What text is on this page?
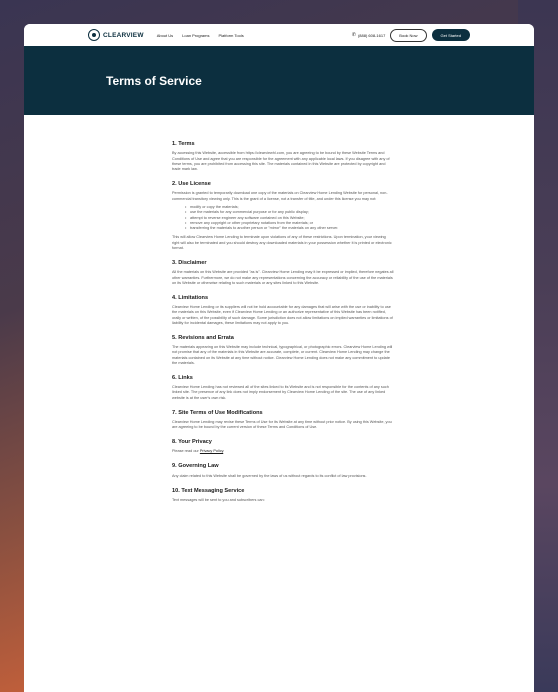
CLEARVIEW	About Us Loan Programs Platform Tools	✆ (888) 608-1617	Book Now	Get Started
Terms of Service
1. Terms

By accessing this Website, accessible from https://clearviewhl.com, you are agreeing to be bound by these Website Terms and Conditions of Use and agree that you are responsible for the agreement with any applicable local laws. If you disagree with any of these terms, you are prohibited from accessing this site. The materials contained in this Website are protected by copyright and trade mark law.

2. Use License

Permission is granted to temporarily download one copy of the materials on Clearview Home Lending Website for personal, non-commercial transitory viewing only. This is the grant of a license, not a transfer of title, and under this license you may not:

• modify or copy the materials;
• use the materials for any commercial purpose or for any public display;
• attempt to reverse engineer any software contained on this Website;
• remove any copyright or other proprietary notations from the materials; or
• transferring the materials to another person or "mirror" the materials on any other server.

This will allow Clearview Home Lending to terminate upon violations of any of these restrictions. Upon termination, your viewing right will also be terminated and you should destroy any downloaded materials in your possession whether it is printed or electronic format.

3. Disclaimer

All the materials on this Website are provided "as is". Clearview Home Lending may it be expressed or implied, therefore negates all other warranties. Furthermore, we do not make any representations concerning the accuracy or reliability of the use of the materials on its Website or otherwise relating to such materials or any sites linked to this Website.

4. Limitations

Clearview Home Lending or its suppliers will not be hold accountable for any damages that will arise with the use or inability to use the materials on this Website, even if Clearview Home Lending or an authorize representative of this Website has been notified, orally or written, of the possibility of such damage. Some jurisdiction does not allow limitations on implied warranties or limitations of liability for incidental damages, these limitations may not apply to you.

5. Revisions and Errata

The materials appearing on this Website may include technical, typographical, or photographic errors. Clearview Home Lending will not promise that any of the materials in this Website are accurate, complete, or current. Clearview Home Lending may change the materials contained on its Website at any time without notice. Clearview Home Lending does not make any commitment to update the materials.

6. Links

Clearview Home Lending has not reviewed all of the sites linked to its Website and is not responsible for the contents of any such linked site. The presence of any link does not imply endorsement by Clearview Home Lending of the site. The use of any linked website is at the user's own risk.

7. Site Terms of Use Modifications

Clearview Home Lending may revise these Terms of Use for its Website at any time without prior notice. By using this Website, you are agreeing to be bound by the current version of these Terms and Conditions of Use.

8. Your Privacy

Please read our Privacy Policy.

9. Governing Law

Any claim related to this Website shall be governed by the laws of us without regards to its conflict of law provisions.

10. Text Messaging Service

Text messages will be sent to you and subscribers can:
